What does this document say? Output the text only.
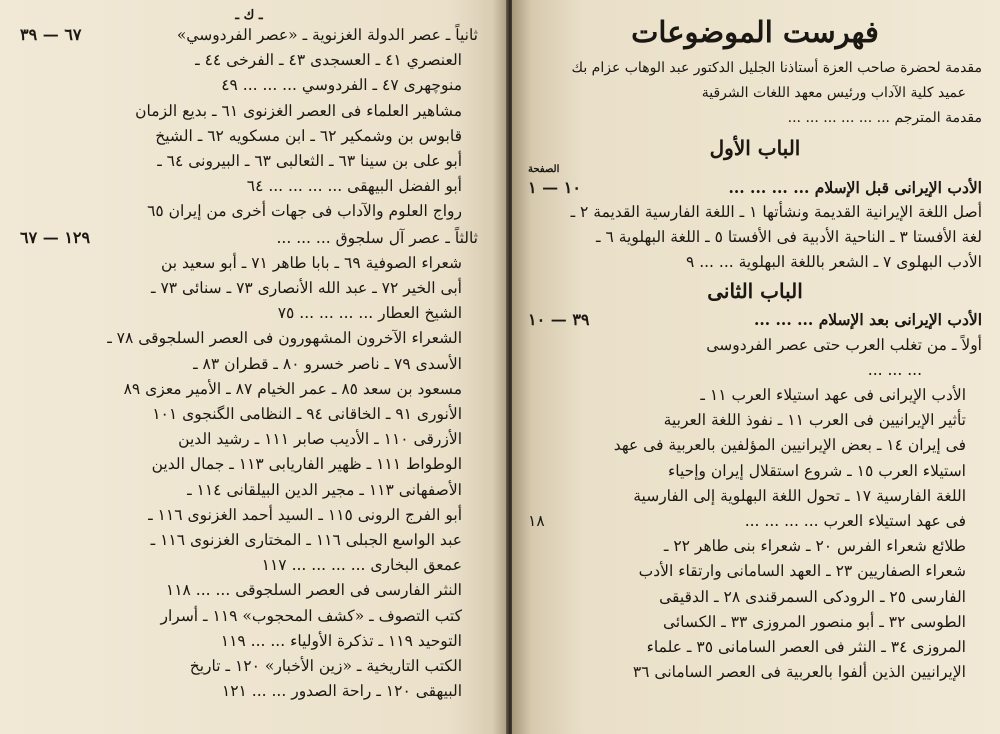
ـ ك ـ
ثانياً ـ عصر الدولة الغزنوية ـ «عصر الفردوسي»
٦٧ — ٣٩
العنصري ٤١ ـ العسجدى ٤٣ ـ الفرخى ٤٤ ـ
منوچهرى ٤٧ ـ الفردوسي ... ... ... ٤٩
مشاهير العلماء فى العصر الغزنوى ٦١ ـ بديع الزمان
قابوس بن وشمكير ٦٢ ـ ابن مسكويه ٦٢ ـ الشيخ
أبو على بن سينا ٦٣ ـ الثعالبى ٦٣ ـ البيرونى ٦٤ ـ
أبو الفضل البيهقى ... ... ... ... ٦٤
رواج العلوم والآداب فى جهات أخرى من إيران ٦٥
ثالثاً ـ عصر آل سلجوق ... ... ...
١٢٩ — ٦٧
شعراء الصوفية ٦٩ ـ بابا طاهر ٧١ ـ أبو سعيد بن
أبى الخير ٧٢ ـ عبد الله الأنصارى ٧٣ ـ سنائى ٧٣ ـ
الشيخ العطار ... ... ... ... ٧٥
الشعراء الآخرون المشهورون فى العصر السلجوقى ٧٨ ـ
الأسدى ٧٩ ـ ناصر خسرو ٨٠ ـ قطران ٨٣ ـ
مسعود بن سعد ٨٥ ـ عمر الخيام ٨٧ ـ الأمير معزى ٨٩
الأنورى ٩١ ـ الخاقانى ٩٤ ـ النظامى الگنجوى ١٠١
الأزرقى ١١٠ ـ الأديب صابر ١١١ ـ رشيد الدين
الوطواط ١١١ ـ ظهير الفاريابى ١١٣ ـ جمال الدين
الأصفهانى ١١٣ ـ مجير الدين البيلقانى ١١٤ ـ
أبو الفرج الرونى ١١٥ ـ السيد أحمد الغزنوى ١١٦ ـ
عبد الواسع الجبلى ١١٦ ـ المختارى الغزنوى ١١٦ ـ
عمعق البخارى ... ... ... ... ١١٧
النثر الفارسى فى العصر السلجوقى ... ... ١١٨
كتب التصوف ـ «كشف المحجوب» ١١٩ ـ أسرار
التوحيد ١١٩ ـ تذكرة الأولياء ... ... ١١٩
الكتب التاريخية ـ «زين الأخبار» ١٢٠ ـ تاريخ
البيهقى ١٢٠ ـ راحة الصدور ... ... ١٢١
فهرست الموضوعات
مقدمة لحضرة صاحب العزة أستاذنا الجليل الدكتور عبد الوهاب عزام بك
عميد كلية الآداب ورئيس معهد اللغات الشرقية
مقدمة المترجم ... ... ... ... ... ...
الباب الأول
الصفحة
الأدب الإيرانى قبل الإسلام ... ... ... ...
١٠ — ١
أصل اللغة الإيرانية القديمة ونشأتها ١ ـ اللغة الفارسية القديمة ٢ ـ
لغة الأفستا ٣ ـ الناحية الأدبية فى الأفستا ٥ ـ اللغة البهلوية ٦ ـ
الأدب البهلوى ٧ ـ الشعر باللغة البهلوية ... ... ٩
الباب الثانى
الأدب الإيرانى بعد الإسلام ... ... ...
٣٩ — ١٠
أولاً ـ من تغلب العرب حتى عصر الفردوسى
... ... ...
الأدب الإيرانى فى عهد استيلاء العرب ١١ ـ
تأثير الإيرانيين فى العرب ١١ ـ نفوذ اللغة العربية
فى إيران ١٤ ـ بعض الإيرانيين المؤلفين بالعربية فى عهد
استيلاء العرب ١٥ ـ شروع استقلال إيران وإحياء
اللغة الفارسية ١٧ ـ تحول اللغة البهلوية إلى الفارسية
فى عهد استيلاء العرب ... ... ... ...
١٨
طلائع شعراء الفرس ٢٠ ـ شعراء بنى طاهر ٢٢ ـ
شعراء الصفاريين ٢٣ ـ العهد السامانى وارتقاء الأدب
الفارسى ٢٥ ـ الرودكى السمرقندى ٢٨ ـ الدقيقى
الطوسى ٣٢ ـ أبو منصور المروزى ٣٣ ـ الكسائى
المروزى ٣٤ ـ النثر فى العصر السامانى ٣٥ ـ علماء
الإيرانيين الذين ألفوا بالعربية فى العصر السامانى ٣٦
